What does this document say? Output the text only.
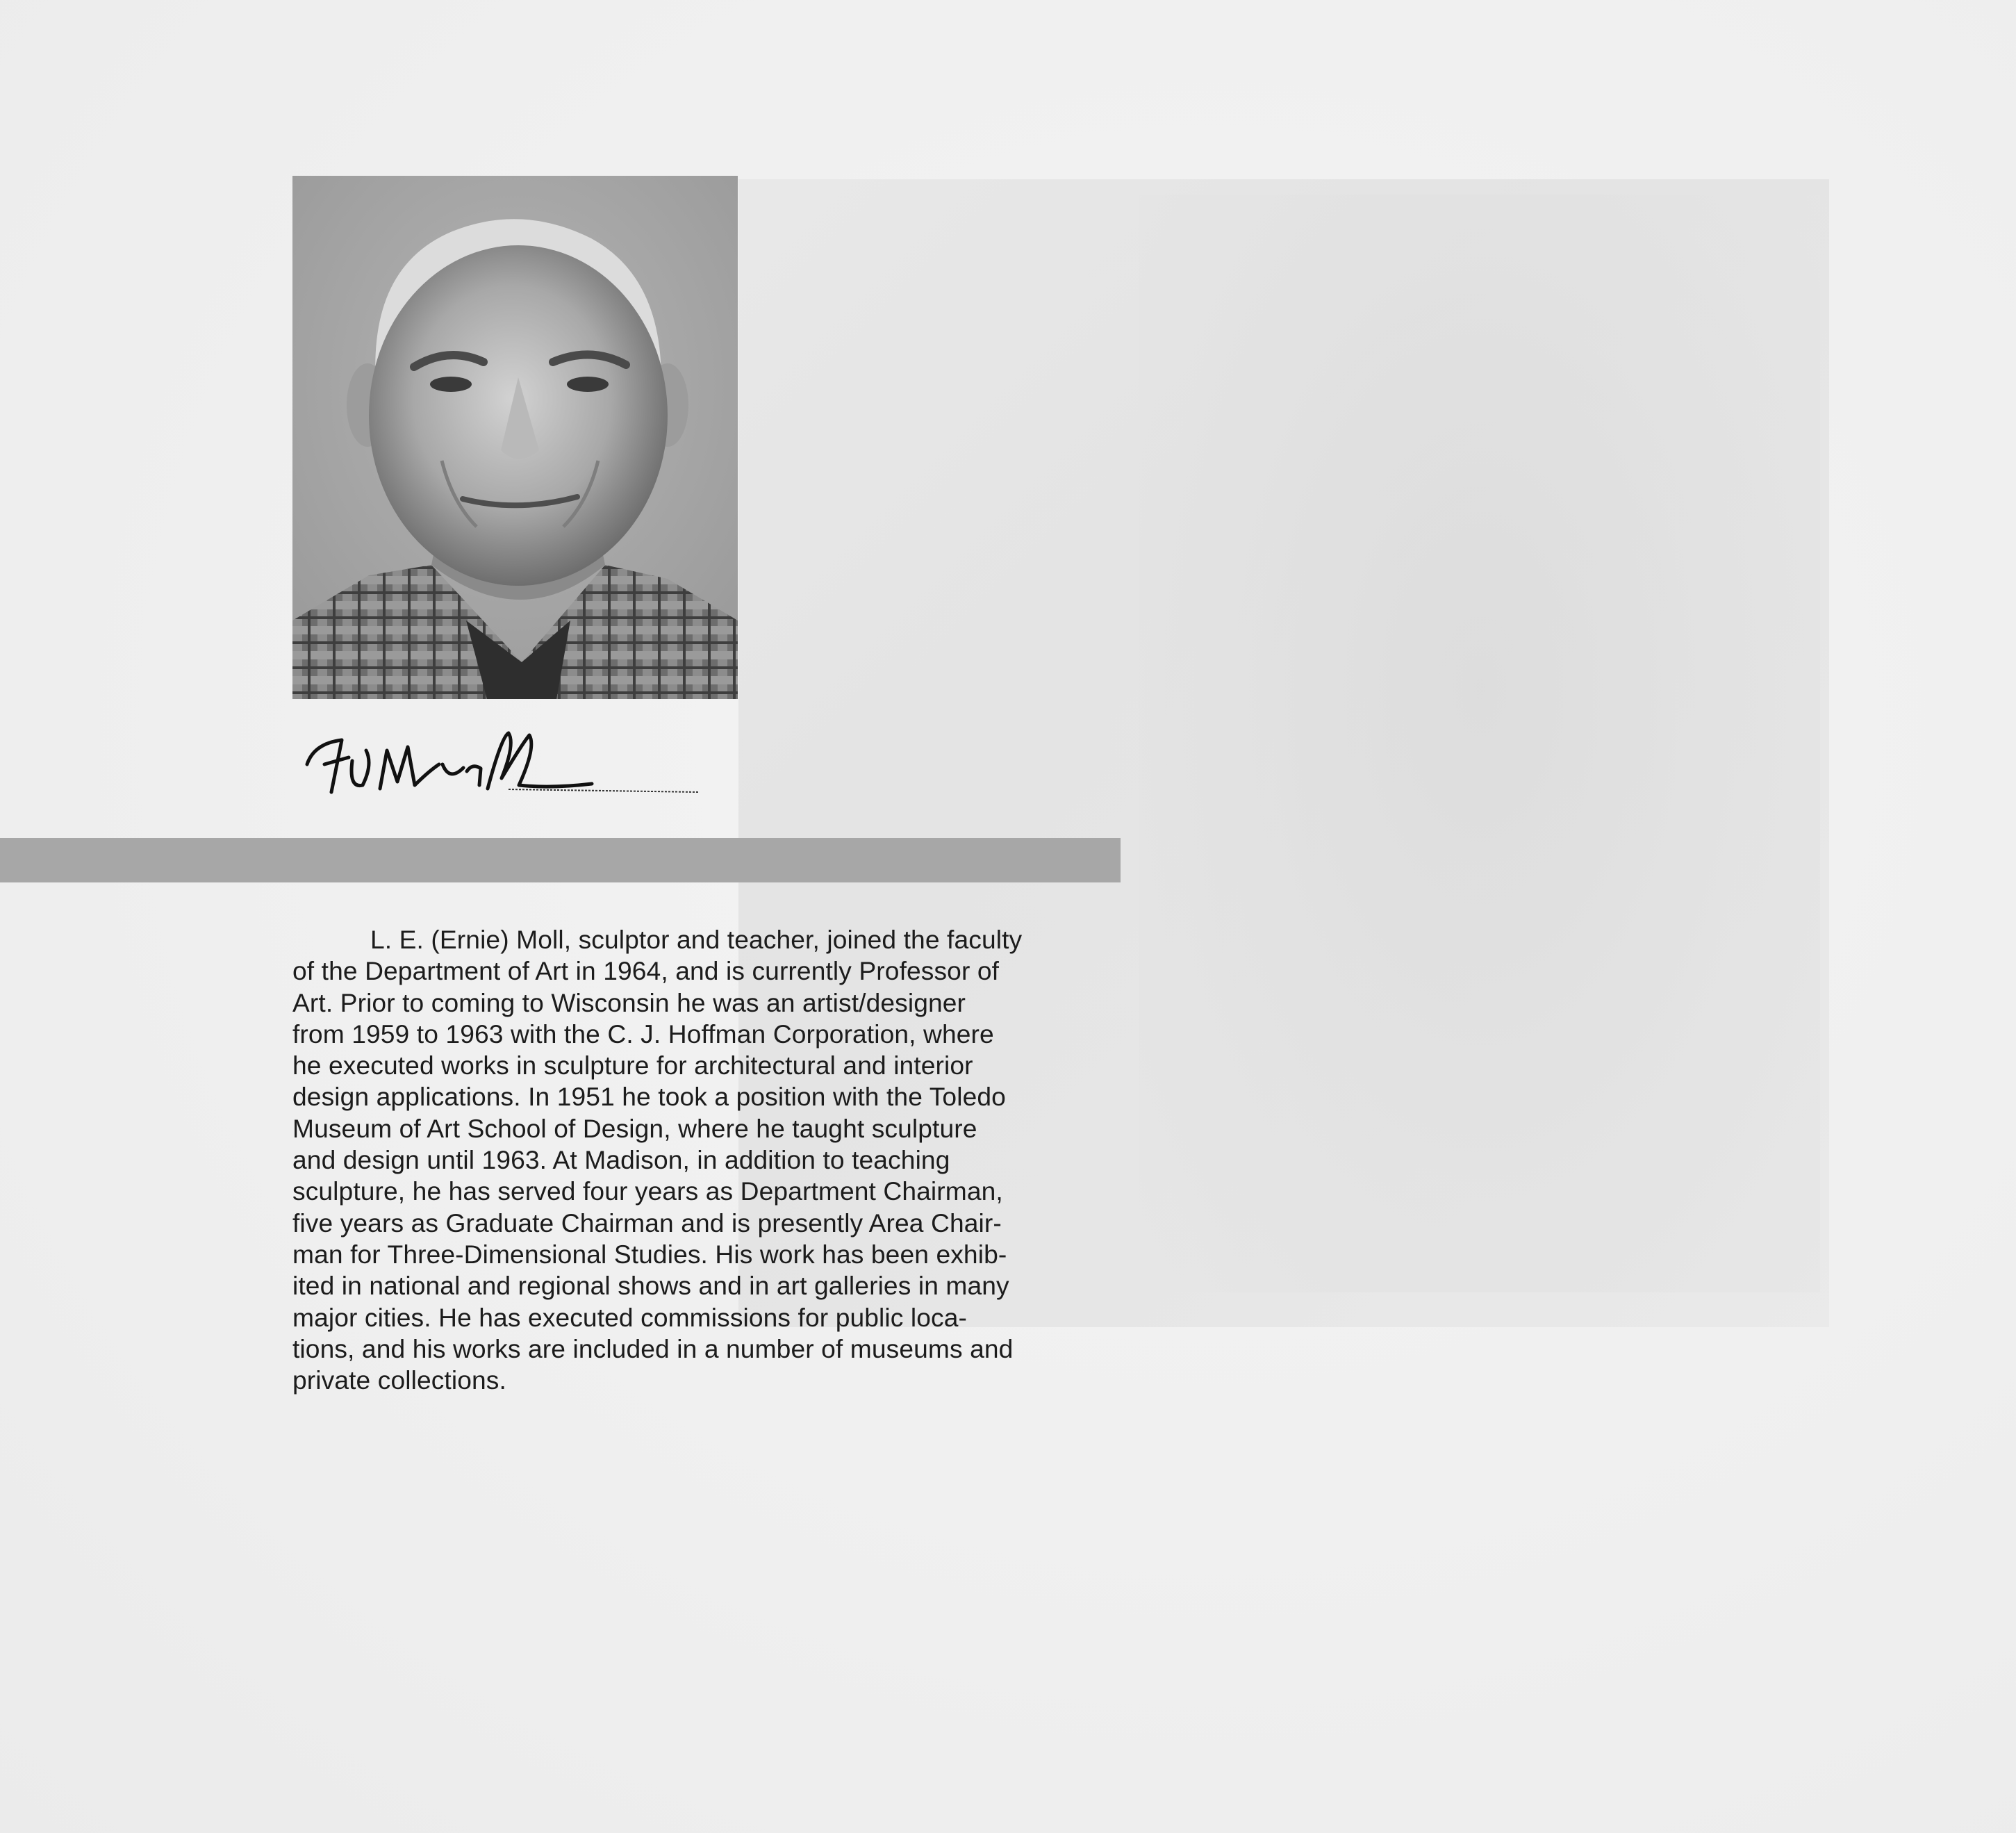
L. E. (Ernie) Moll, sculptor and teacher, joined the faculty
of the Department of Art in 1964, and is currently Professor of
Art. Prior to coming to Wisconsin he was an artist/designer
from 1959 to 1963 with the C. J. Hoffman Corporation, where
he executed works in sculpture for architectural and interior
design applications. In 1951 he took a position with the Toledo
Museum of Art School of Design, where he taught sculpture
and design until 1963. At Madison, in addition to teaching
sculpture, he has served four years as Department Chairman,
five years as Graduate Chairman and is presently Area Chair-
man for Three-Dimensional Studies. His work has been exhib-
ited in national and regional shows and in art galleries in many
major cities. He has executed commissions for public loca-
tions, and his works are included in a number of museums and
private collections.
